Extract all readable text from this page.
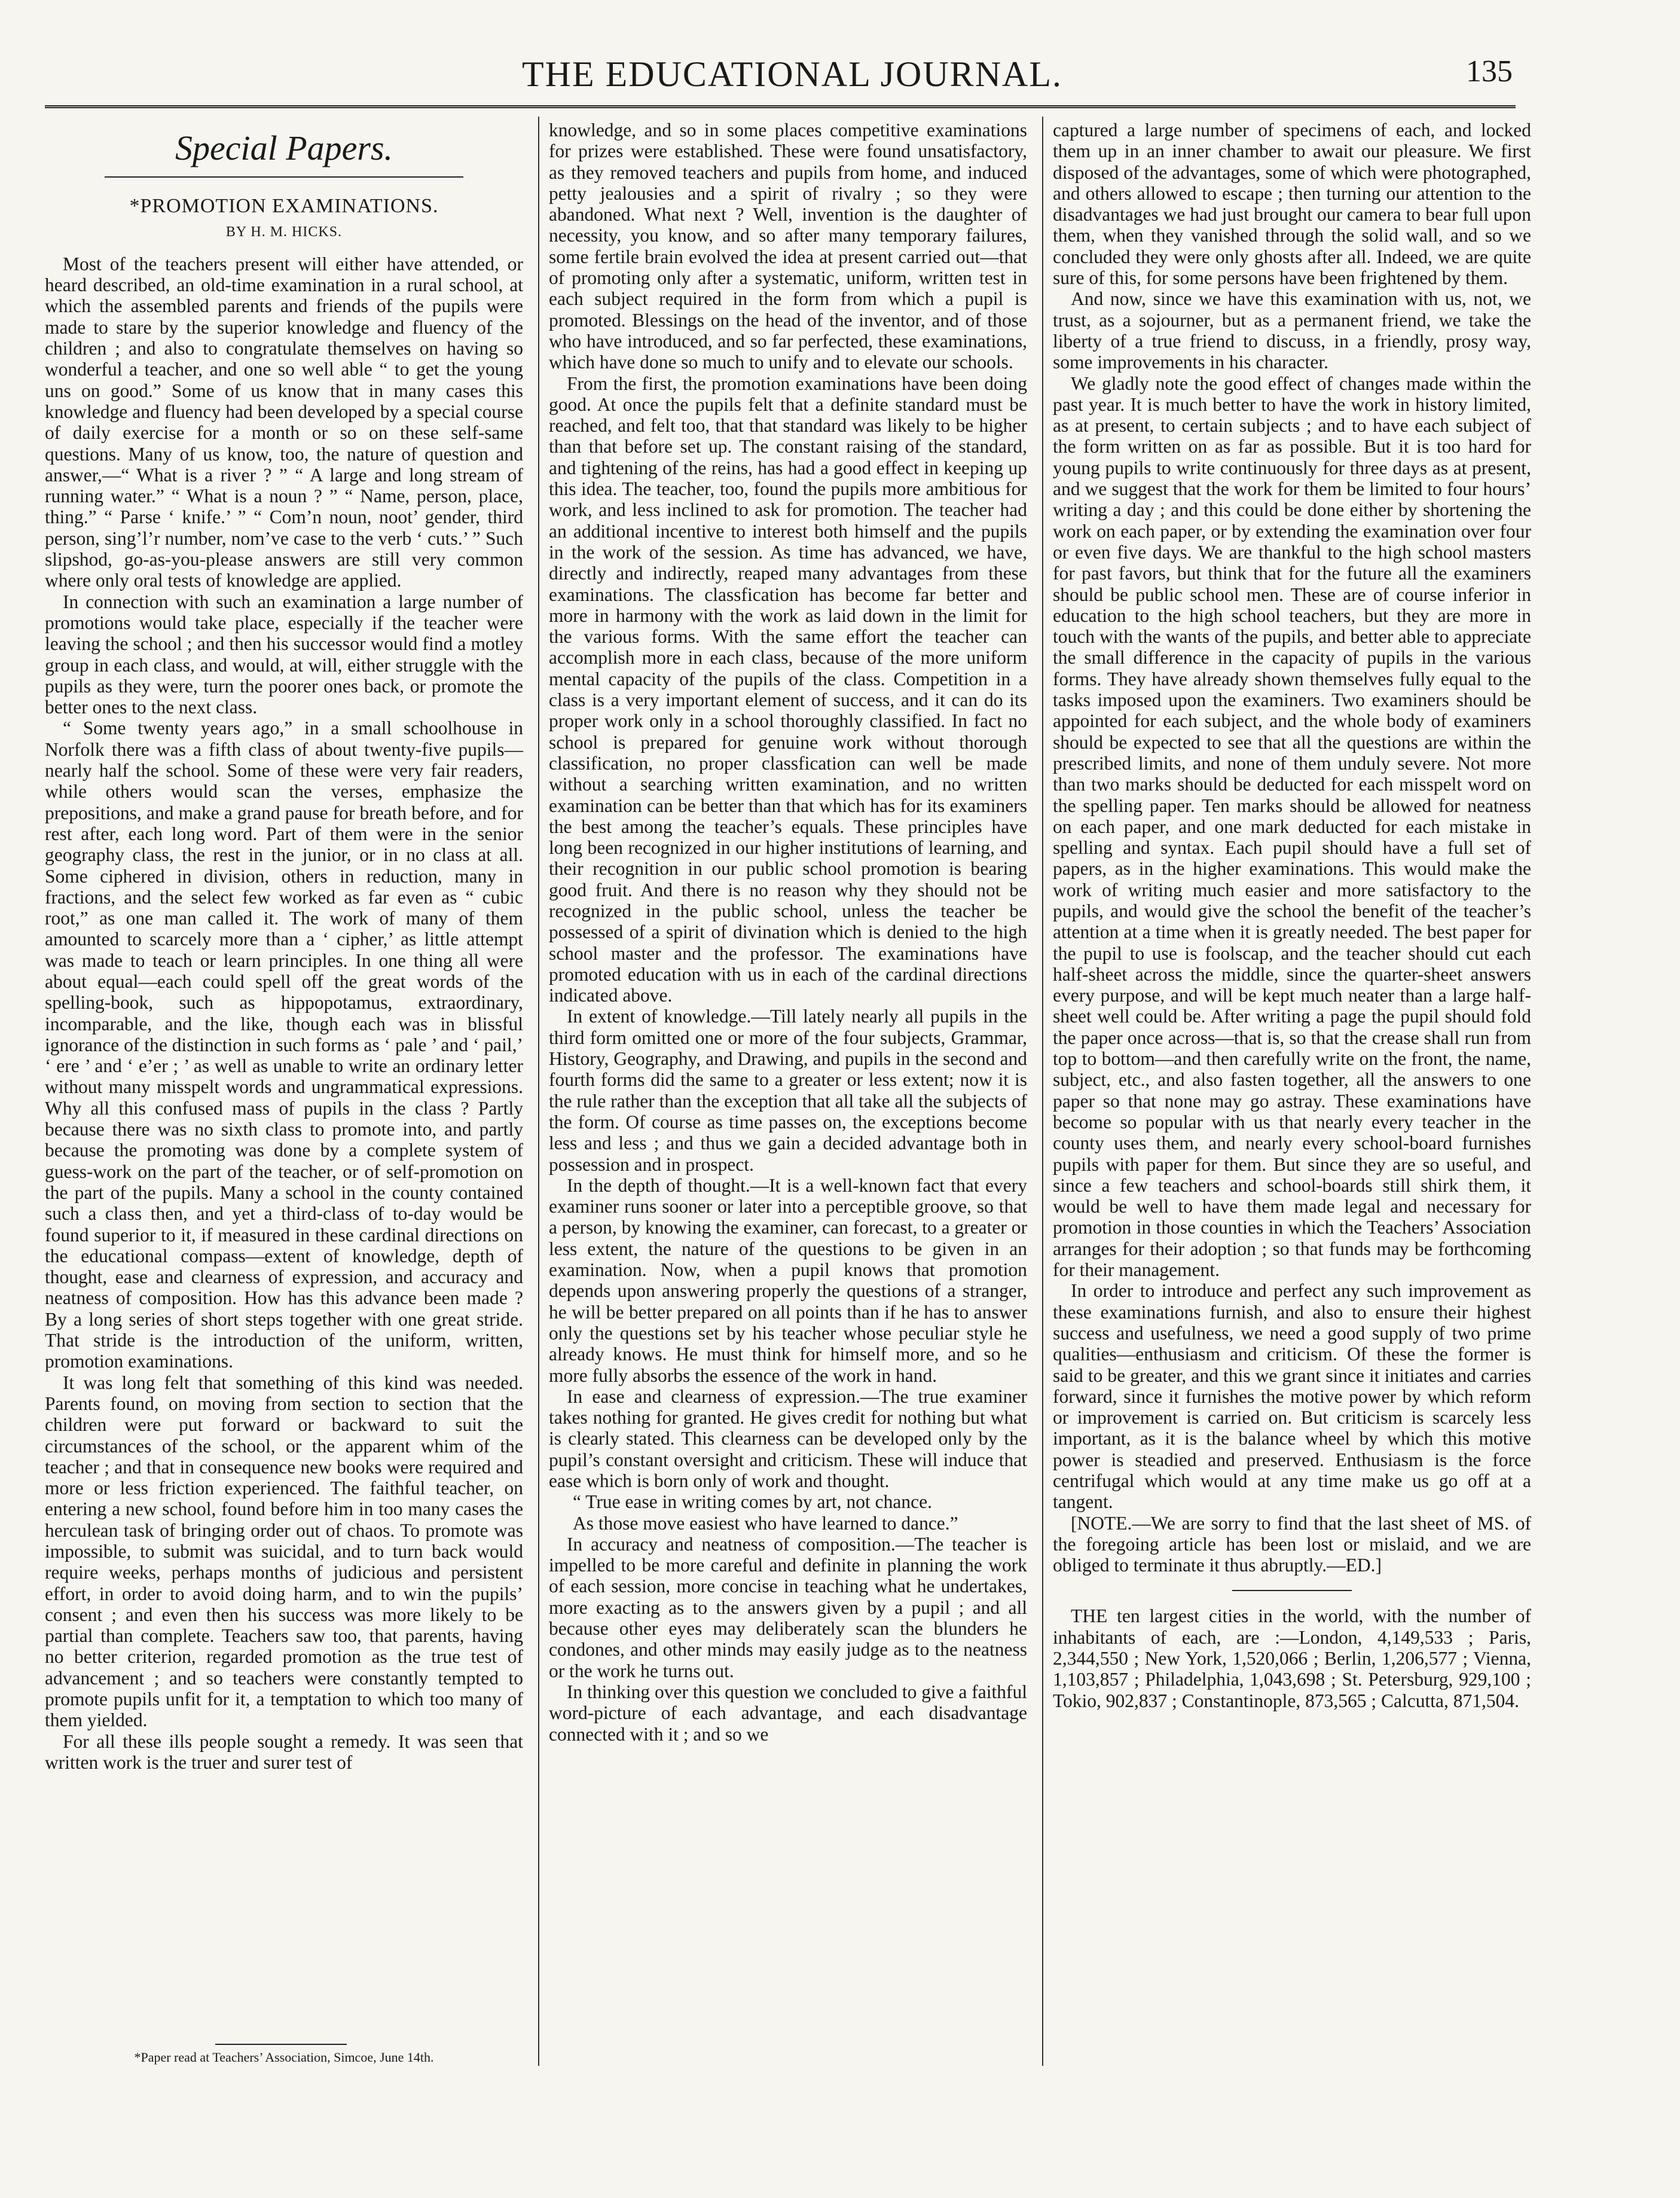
THE EDUCATIONAL JOURNAL.	135
Special Papers.
*PROMOTION EXAMINATIONS.
BY H. M. HICKS.

Most of the teachers present will either have attended, or heard described, an old-time examination in a rural school, at which the assembled parents and friends of the pupils were made to stare by the superior knowledge and fluency of the children ; and also to congratulate themselves on having so wonderful a teacher, and one so well able “ to get the young uns on good.” Some of us know that in many cases this knowledge and fluency had been developed by a special course of daily exercise for a month or so on these self-same questions. Many of us know, too, the nature of question and answer,—“ What is a river ? ” “ A large and long stream of running water.” “ What is a noun ? ” “ Name, person, place, thing.” “ Parse ‘ knife.’ ” “ Com’n noun, noot’ gender, third person, sing’l’r number, nom’ve case to the verb ‘ cuts.’ ” Such slipshod, go-as-you-please answers are still very common where only oral tests of knowledge are applied.

In connection with such an examination a large number of promotions would take place, especially if the teacher were leaving the school ; and then his successor would find a motley group in each class, and would, at will, either struggle with the pupils as they were, turn the poorer ones back, or promote the better ones to the next class.

“ Some twenty years ago,” in a small schoolhouse in Norfolk there was a fifth class of about twenty-five pupils—nearly half the school. Some of these were very fair readers, while others would scan the verses, emphasize the prepositions, and make a grand pause for breath before, and for rest after, each long word. Part of them were in the senior geography class, the rest in the junior, or in no class at all. Some ciphered in division, others in reduction, many in fractions, and the select few worked as far even as “ cubic root,” as one man called it. The work of many of them amounted to scarcely more than a ‘ cipher,’ as little attempt was made to teach or learn principles. In one thing all were about equal—each could spell off the great words of the spelling-book, such as hippopotamus, extraordinary, incomparable, and the like, though each was in blissful ignorance of the distinction in such forms as ‘ pale ’ and ‘ pail,’ ‘ ere ’ and ‘ e’er ; ’ as well as unable to write an ordinary letter without many misspelt words and ungrammatical expressions. Why all this confused mass of pupils in the class ? Partly because there was no sixth class to promote into, and partly because the promoting was done by a complete system of guess-work on the part of the teacher, or of self-promotion on the part of the pupils. Many a school in the county contained such a class then, and yet a third-class of to-day would be found superior to it, if measured in these cardinal directions on the educational compass—extent of knowledge, depth of thought, ease and clearness of expression, and accuracy and neatness of composition. How has this advance been made ? By a long series of short steps together with one great stride. That stride is the introduction of the uniform, written, promotion examinations.

It was long felt that something of this kind was needed. Parents found, on moving from section to section that the children were put forward or backward to suit the circumstances of the school, or the apparent whim of the teacher ; and that in consequence new books were required and more or less friction experienced. The faithful teacher, on entering a new school, found before him in too many cases the herculean task of bringing order out of chaos. To promote was impossible, to submit was suicidal, and to turn back would require weeks, perhaps months of judicious and persistent effort, in order to avoid doing harm, and to win the pupils’ consent ; and even then his success was more likely to be partial than complete. Teachers saw too, that parents, having no better criterion, regarded promotion as the true test of advancement ; and so teachers were constantly tempted to promote pupils unfit for it, a temptation to which too many of them yielded.

For all these ills people sought a remedy. It was seen that written work is the truer and surer test of

*Paper read at Teachers’ Association, Simcoe, June 14th.

knowledge, and so in some places competitive examinations for prizes were established. These were found unsatisfactory, as they removed teachers and pupils from home, and induced petty jealousies and a spirit of rivalry ; so they were abandoned. What next ? Well, invention is the daughter of necessity, you know, and so after many temporary failures, some fertile brain evolved the idea at present carried out—that of promoting only after a systematic, uniform, written test in each subject required in the form from which a pupil is promoted. Blessings on the head of the inventor, and of those who have introduced, and so far perfected, these examinations, which have done so much to unify and to elevate our schools.

From the first, the promotion examinations have been doing good. At once the pupils felt that a definite standard must be reached, and felt too, that that standard was likely to be higher than that before set up. The constant raising of the standard, and tightening of the reins, has had a good effect in keeping up this idea. The teacher, too, found the pupils more ambitious for work, and less inclined to ask for promotion. The teacher had an additional incentive to interest both himself and the pupils in the work of the session. As time has advanced, we have, directly and indirectly, reaped many advantages from these examinations. The classfication has become far better and more in harmony with the work as laid down in the limit for the various forms. With the same effort the teacher can accomplish more in each class, because of the more uniform mental capacity of the pupils of the class. Competition in a class is a very important element of success, and it can do its proper work only in a school thoroughly classified. In fact no school is prepared for genuine work without thorough classification, no proper classfication can well be made without a searching written examination, and no written examination can be better than that which has for its examiners the best among the teacher’s equals. These principles have long been recognized in our higher institutions of learning, and their recognition in our public school promotion is bearing good fruit. And there is no reason why they should not be recognized in the public school, unless the teacher be possessed of a spirit of divination which is denied to the high school master and the professor. The examinations have promoted education with us in each of the cardinal directions indicated above.

In extent of knowledge.—Till lately nearly all pupils in the third form omitted one or more of the four subjects, Grammar, History, Geography, and Drawing, and pupils in the second and fourth forms did the same to a greater or less extent; now it is the rule rather than the exception that all take all the subjects of the form. Of course as time passes on, the exceptions become less and less ; and thus we gain a decided advantage both in possession and in prospect.

In the depth of thought.—It is a well-known fact that every examiner runs sooner or later into a perceptible groove, so that a person, by knowing the examiner, can forecast, to a greater or less extent, the nature of the questions to be given in an examination. Now, when a pupil knows that promotion depends upon answering properly the questions of a stranger, he will be better prepared on all points than if he has to answer only the questions set by his teacher whose peculiar style he already knows. He must think for himself more, and so he more fully absorbs the essence of the work in hand.

In ease and clearness of expression.—The true examiner takes nothing for granted. He gives credit for nothing but what is clearly stated. This clearness can be developed only by the pupil’s constant oversight and criticism. These will induce that ease which is born only of work and thought.

“ True ease in writing comes by art, not chance.

As those move easiest who have learned to dance.”

In accuracy and neatness of composition.—The teacher is impelled to be more careful and definite in planning the work of each session, more concise in teaching what he undertakes, more exacting as to the answers given by a pupil ; and all because other eyes may deliberately scan the blunders he condones, and other minds may easily judge as to the neatness or the work he turns out.

In thinking over this question we concluded to give a faithful word-picture of each advantage, and each disadvantage connected with it ; and so we

captured a large number of specimens of each, and locked them up in an inner chamber to await our pleasure. We first disposed of the advantages, some of which were photographed, and others allowed to escape ; then turning our attention to the disadvantages we had just brought our camera to bear full upon them, when they vanished through the solid wall, and so we concluded they were only ghosts after all. Indeed, we are quite sure of this, for some persons have been frightened by them.

And now, since we have this examination with us, not, we trust, as a sojourner, but as a permanent friend, we take the liberty of a true friend to discuss, in a friendly, prosy way, some improvements in his character.

We gladly note the good effect of changes made within the past year. It is much better to have the work in history limited, as at present, to certain subjects ; and to have each subject of the form written on as far as possible. But it is too hard for young pupils to write continuously for three days as at present, and we suggest that the work for them be limited to four hours’ writing a day ; and this could be done either by shortening the work on each paper, or by extending the examination over four or even five days. We are thankful to the high school masters for past favors, but think that for the future all the examiners should be public school men. These are of course inferior in education to the high school teachers, but they are more in touch with the wants of the pupils, and better able to appreciate the small difference in the capacity of pupils in the various forms. They have already shown themselves fully equal to the tasks imposed upon the examiners. Two examiners should be appointed for each subject, and the whole body of examiners should be expected to see that all the questions are within the prescribed limits, and none of them unduly severe. Not more than two marks should be deducted for each misspelt word on the spelling paper. Ten marks should be allowed for neatness on each paper, and one mark deducted for each mistake in spelling and syntax. Each pupil should have a full set of papers, as in the higher examinations. This would make the work of writing much easier and more satisfactory to the pupils, and would give the school the benefit of the teacher’s attention at a time when it is greatly needed. The best paper for the pupil to use is foolscap, and the teacher should cut each half-sheet across the middle, since the quarter-sheet answers every purpose, and will be kept much neater than a large half-sheet well could be. After writing a page the pupil should fold the paper once across—that is, so that the crease shall run from top to bottom—and then carefully write on the front, the name, subject, etc., and also fasten together, all the answers to one paper so that none may go astray. These examinations have become so popular with us that nearly every teacher in the county uses them, and nearly every school-board furnishes pupils with paper for them. But since they are so useful, and since a few teachers and school-boards still shirk them, it would be well to have them made legal and necessary for promotion in those counties in which the Teachers’ Association arranges for their adoption ; so that funds may be forthcoming for their management.

In order to introduce and perfect any such improvement as these examinations furnish, and also to ensure their highest success and usefulness, we need a good supply of two prime qualities—enthusiasm and criticism. Of these the former is said to be greater, and this we grant since it initiates and carries forward, since it furnishes the motive power by which reform or improvement is carried on. But criticism is scarcely less important, as it is the balance wheel by which this motive power is steadied and preserved. Enthusiasm is the force centrifugal which would at any time make us go off at a tangent.

[NOTE.—We are sorry to find that the last sheet of MS. of the foregoing article has been lost or mislaid, and we are obliged to terminate it thus abruptly.—ED.]

THE ten largest cities in the world, with the number of inhabitants of each, are :—London, 4,149,533 ; Paris, 2,344,550 ; New York, 1,520,066 ; Berlin, 1,206,577 ; Vienna, 1,103,857 ; Philadelphia, 1,043,698 ; St. Petersburg, 929,100 ; Tokio, 902,837 ; Constantinople, 873,565 ; Calcutta, 871,504.
